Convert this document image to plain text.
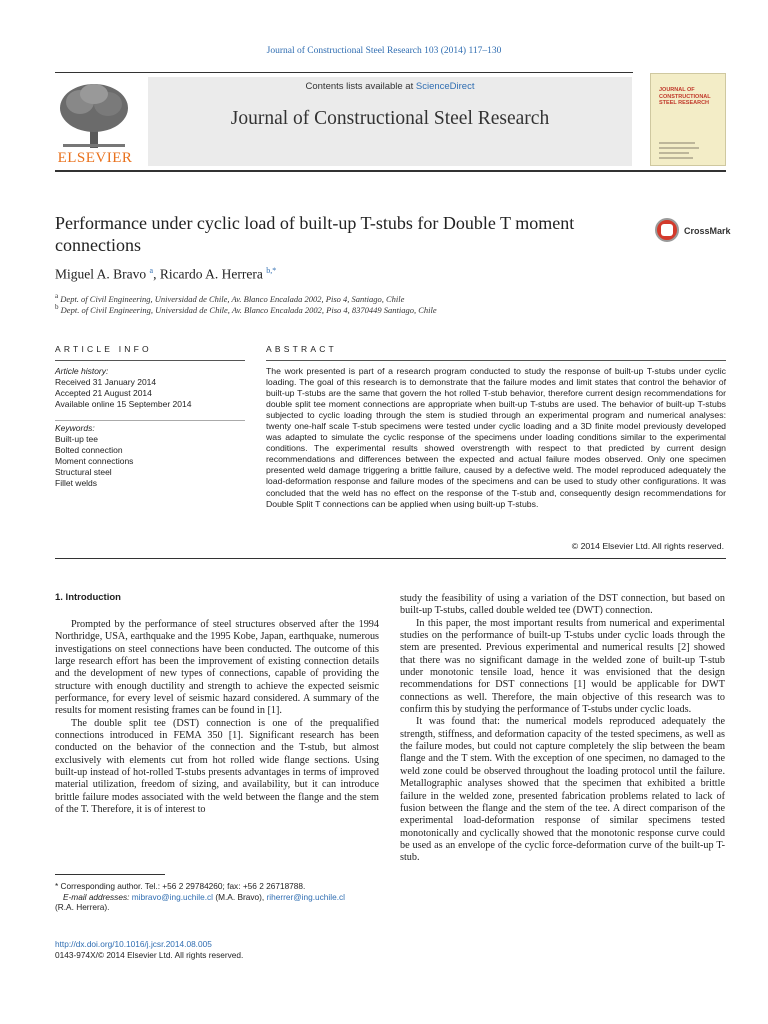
Journal of Constructional Steel Research 103 (2014) 117–130
ELSEVIER
Contents lists available at ScienceDirect
Journal of Constructional Steel Research
JOURNAL OF CONSTRUCTIONAL STEEL RESEARCH
Performance under cyclic load of built-up T-stubs for Double T moment connections
CrossMark
Miguel A. Bravo $^a$, Ricardo A. Herrera $^{b,*}$
$^a$ Dept. of Civil Engineering, Universidad de Chile, Av. Blanco Encalada 2002, Piso 4, Santiago, Chile
$^b$ Dept. of Civil Engineering, Universidad de Chile, Av. Blanco Encalada 2002, Piso 4, 8370449 Santiago, Chile
ARTICLE INFO	ABSTRACT
Article history:
Received 31 January 2014
Accepted 21 August 2014
Available online 15 September 2014
Keywords:
Built-up tee
Bolted connection
Moment connections
Structural steel
Fillet welds
The work presented is part of a research program conducted to study the response of built-up T-stubs under cyclic loading. The goal of this research is to demonstrate that the failure modes and limit states that control the behavior of built-up T-stubs are the same that govern the hot rolled T-stub behavior, therefore current design recommendations for double split tee moment connections are appropriate when built-up T-stubs are used. The behavior of built-up T-stubs subjected to cyclic loading through the stem is studied through an experimental program and numerical analyses: twenty one-half scale T-stub specimens were tested under cyclic loading and a 3D finite model previously developed was adapted to simulate the cyclic response of the specimens under loading conditions similar to the experimental conditions. The experimental results showed overstrength with respect to that predicted by current design recommendations and differences between the expected and actual failure modes observed. Only one specimen presented weld damage triggering a brittle failure, caused by a defective weld. The model reproduced adequately the load-deformation response and failure modes of the specimens and can be used to study other configurations. It was concluded that the weld has no effect on the response of the T-stub and, consequently design recommendations for Double Split T connections can be applied when using built-up T-stubs.
© 2014 Elsevier Ltd. All rights reserved.
1. Introduction

Prompted by the performance of steel structures observed after the 1994 Northridge, USA, earthquake and the 1995 Kobe, Japan, earthquake, numerous investigations on steel connections have been conducted. The outcome of this large research effort has been the improvement of existing connection details and the development of new types of connections, capable of providing the structure with enough ductility and strength to achieve the expected seismic performance, for every level of seismic hazard considered. A summary of the results for moment resisting frames can be found in [1].

The double split tee (DST) connection is one of the prequalified connections introduced in FEMA 350 [1]. Significant research has been conducted on the behavior of the connection and the T-stub, but almost exclusively with elements cut from hot rolled wide flange sections. Using built-up instead of hot-rolled T-stubs presents advantages in terms of improved material utilization, freedom of sizing, and availability, but it can introduce brittle failure modes associated with the weld between the flange and the stem of the T. Therefore, it is of interest to

study the feasibility of using a variation of the DST connection, but based on built-up T-stubs, called double welded tee (DWT) connection.

In this paper, the most important results from numerical and experimental studies on the performance of built-up T-stubs under cyclic loads through the stem are presented. Previous experimental and numerical results [2] showed that there was no significant damage in the welded zone of built-up T-stub under monotonic tensile load, hence it was envisioned that the design recommendations for DST connections [1] would be applicable for DWT connections as well. Therefore, the main objective of this research was to confirm this by studying the performance of T-stubs under cyclic loads.

It was found that: the numerical models reproduced adequately the strength, stiffness, and deformation capacity of the tested specimens, as well as the failure modes, but could not capture completely the slip between the beam flange and the T stem. With the exception of one specimen, no damaged to the weld zone could be observed throughout the loading protocol until the failure. Metallographic analyses showed that the specimen that exhibited a brittle failure in the welded zone, presented fabrication problems related to lack of fusion between the flange and the stem of the tee. A direct comparison of the experimental load-deformation response of similar specimens tested monotonically and cyclically showed that the monotonic response curve could be used as an envelope of the cyclic force-deformation curve of the built-up T-stub.

* Corresponding author. Tel.: +56 2 29784260; fax: +56 2 26718788.
E-mail addresses: mibravo@ing.uchile.cl (M.A. Bravo), riherrer@ing.uchile.cl
(R.A. Herrera).
http://dx.doi.org/10.1016/j.jcsr.2014.08.005
0143-974X/© 2014 Elsevier Ltd. All rights reserved.
